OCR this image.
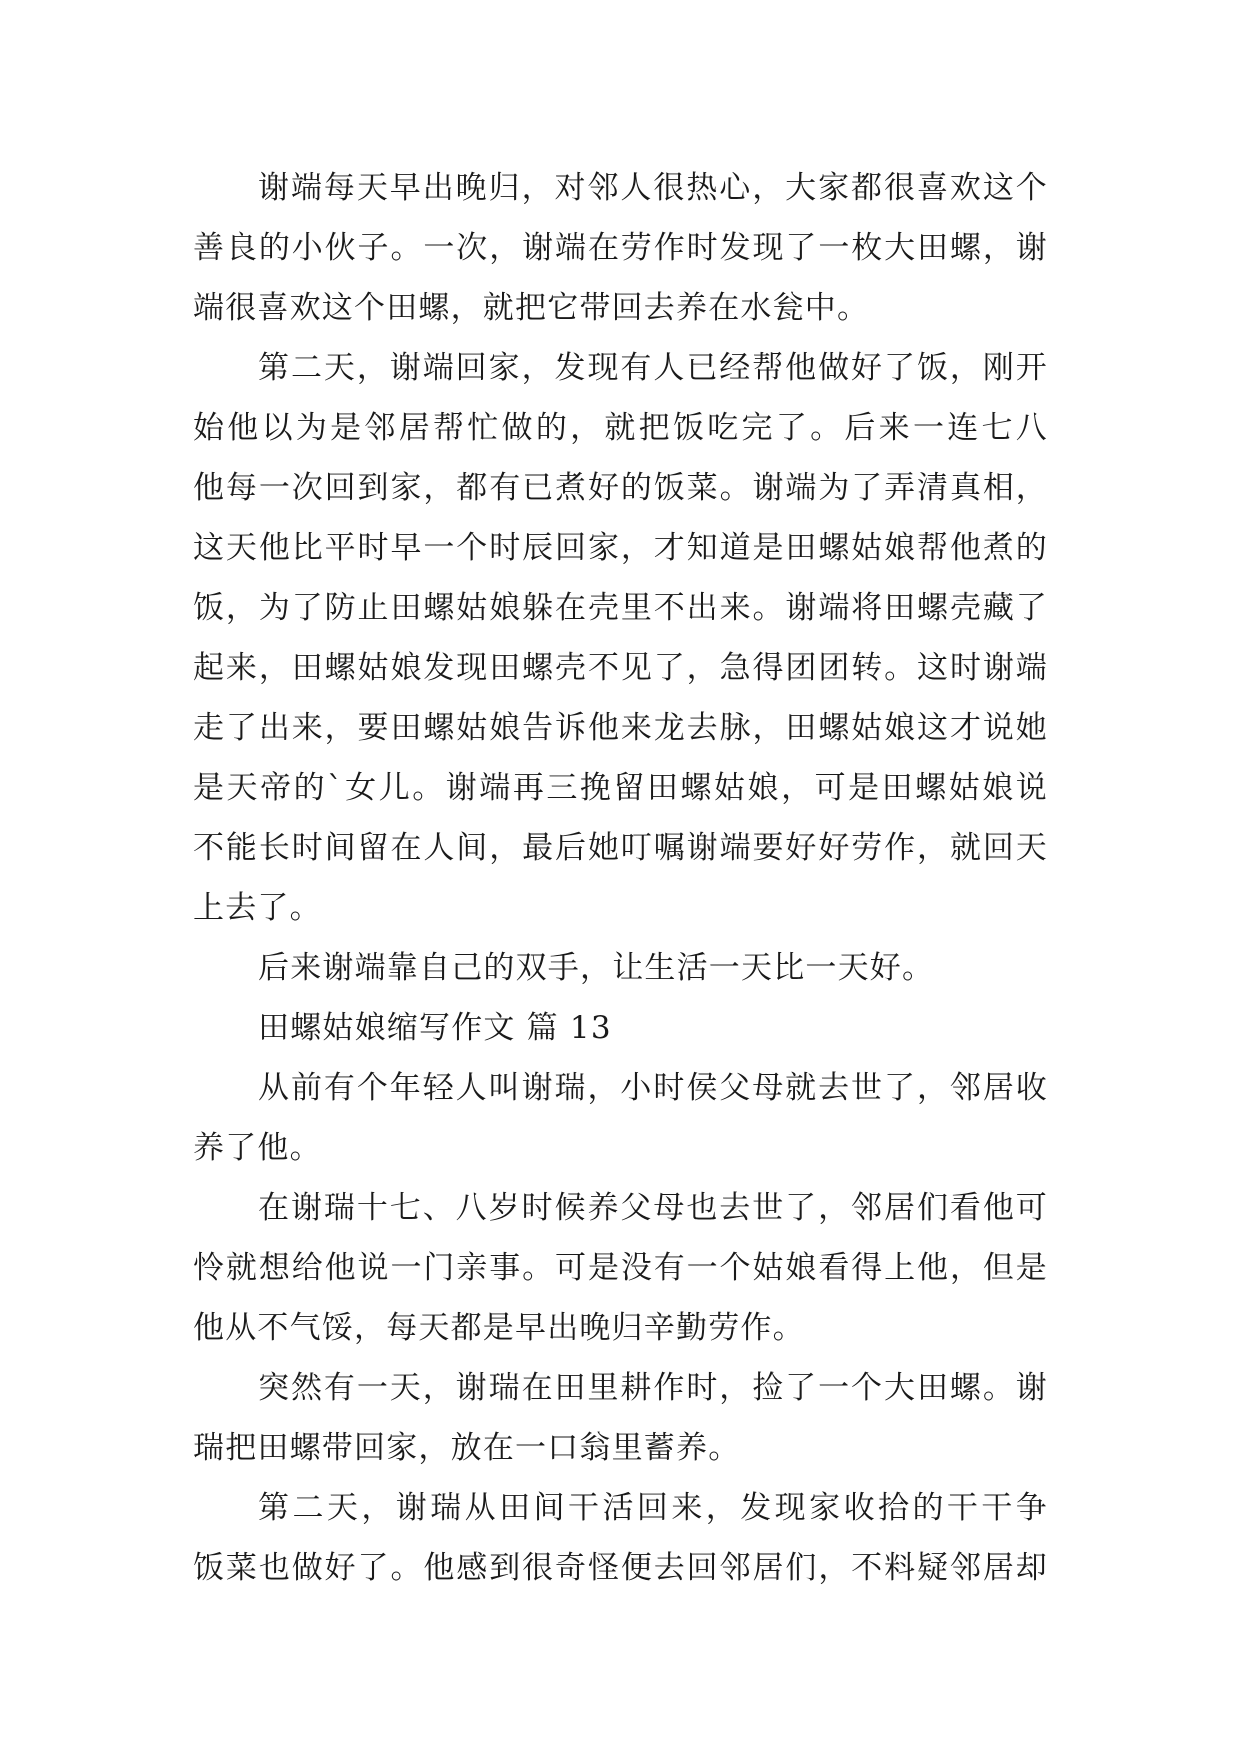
谢端每天早出晚归，对邻人很热心，大家都很喜欢这个
善良的小伙子。一次，谢端在劳作时发现了一枚大田螺，谢
端很喜欢这个田螺，就把它带回去养在水瓮中。
第二天，谢端回家，发现有人已经帮他做好了饭，刚开
始他以为是邻居帮忙做的，就把饭吃完了。后来一连七八
他每一次回到家，都有已煮好的饭菜。谢端为了弄清真相，
这天他比平时早一个时辰回家，才知道是田螺姑娘帮他煮的
饭，为了防止田螺姑娘躲在壳里不出来。谢端将田螺壳藏了
起来，田螺姑娘发现田螺壳不见了，急得团团转。这时谢端
走了出来，要田螺姑娘告诉他来龙去脉，田螺姑娘这才说她
是天帝的`女儿。谢端再三挽留田螺姑娘，可是田螺姑娘说
不能长时间留在人间，最后她叮嘱谢端要好好劳作，就回天
上去了。
后来谢端靠自己的双手，让生活一天比一天好。
田螺姑娘缩写作文 篇 13
从前有个年轻人叫谢瑞，小时侯父母就去世了，邻居收
养了他。
在谢瑞十七、八岁时候养父母也去世了，邻居们看他可
怜就想给他说一门亲事。可是没有一个姑娘看得上他，但是
他从不气馁，每天都是早出晚归辛勤劳作。
突然有一天，谢瑞在田里耕作时，捡了一个大田螺。谢
瑞把田螺带回家，放在一口翁里蓄养。
第二天，谢瑞从田间干活回来，发现家收拾的干干争
饭菜也做好了。他感到很奇怪便去回邻居们，不料疑邻居却
